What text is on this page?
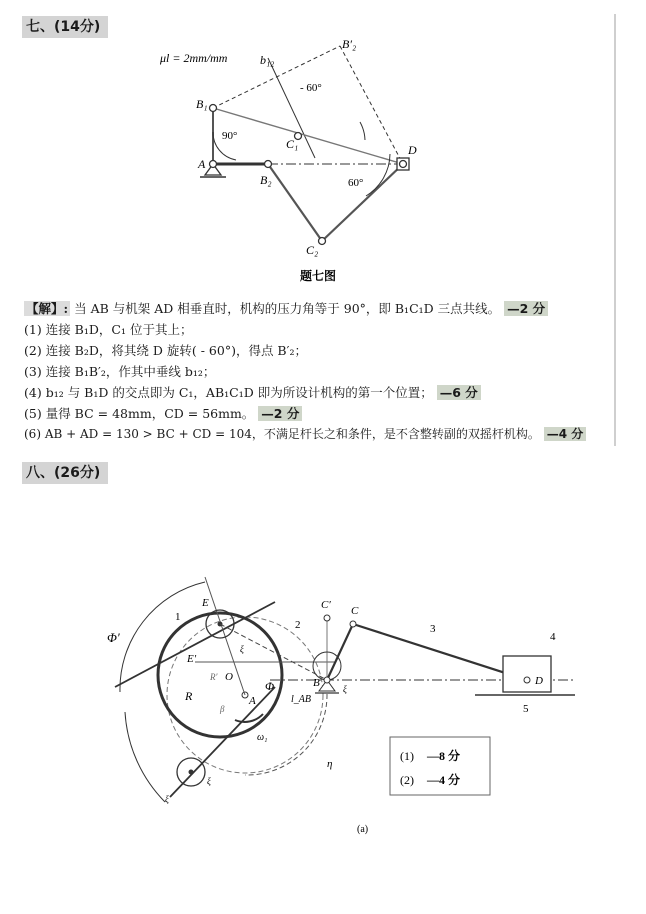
七、(14分)
μl = 2mm/mm
B′₂
b₁₂
- 60°
B₁
90°
C₁	D
A
B₂	60°
C₂
题七图
【解】: 当 AB 与机架 AD 相垂直时，机构的压力角等于 90°，即 B₁C₁D 三点共线。 —2 分
(1) 连接 B₁D，C₁ 位于其上；
(2) 连接 B₂D，将其绕 D 旋转( - 60°)，得点 B′₂；
(3) 连接 B₁B′₂，作其中垂线 b₁₂；
(4) b₁₂ 与 B₁D 的交点即为 C₁，AB₁C₁D 即为所设计机构的第一个位置； —6 分
(5) 量得 BC = 48mm，CD = 56mm。 —2 分
(6) AB + AD = 130 > BC + CD = 104，不满足杆长之和条件，是不含整转副的双摇杆机构。 —4 分
八、(26分)
Φ′
E
1
C′ C
3
4
2
E′
O
R
R′
β
Φ
l_AB
B	D
A
5
ω₁
η
ξ
ξ
ξ
ξ
(1) —8 分
(2) —4 分
(a)
